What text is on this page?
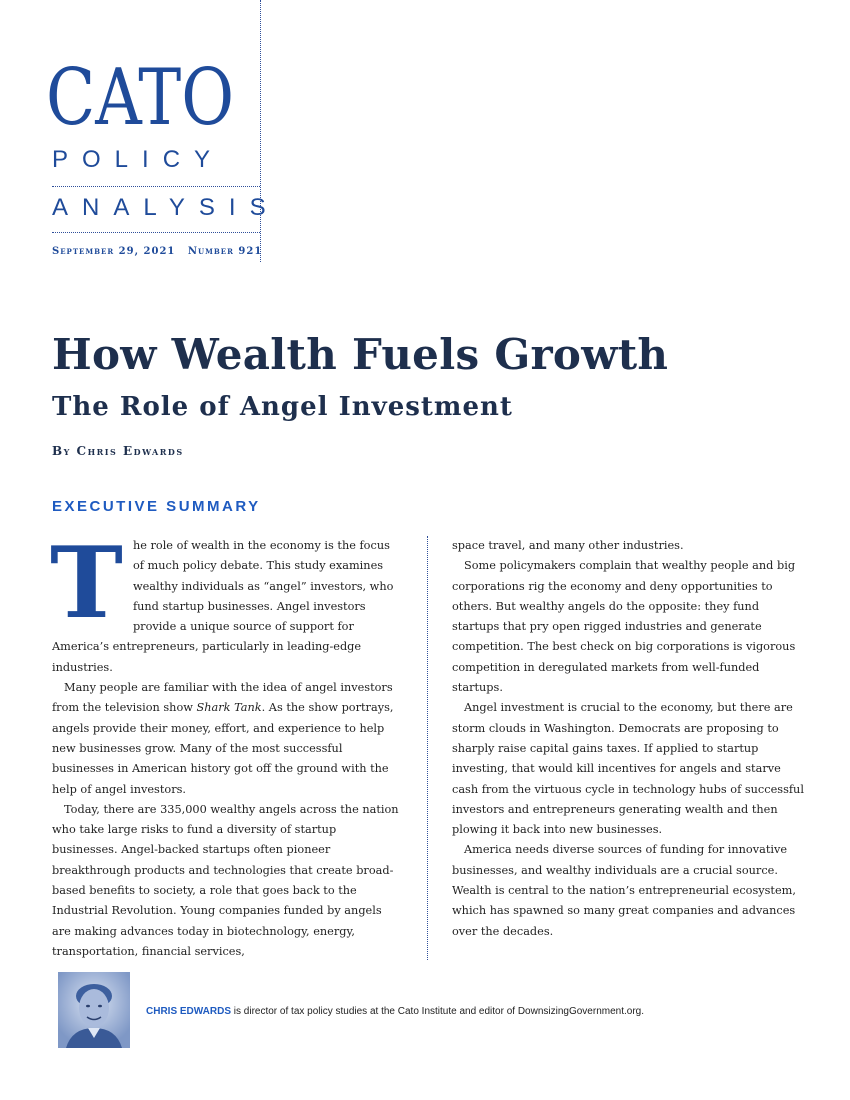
CATO
POLICY
ANALYSIS
September 29, 2021 Number 921
How Wealth Fuels Growth
The Role of Angel Investment
By Chris Edwards
EXECUTIVE SUMMARY

T he role of wealth in the economy is the focus of much policy debate. This study examines wealthy individuals as “angel” investors, who fund startup businesses. Angel investors provide a unique source of support for America’s entrepreneurs, particularly in leading-edge industries.

Many people are familiar with the idea of angel investors from the television show Shark Tank. As the show portrays, angels provide their money, effort, and experience to help new businesses grow. Many of the most successful businesses in American history got off the ground with the help of angel investors.

Today, there are 335,000 wealthy angels across the nation who take large risks to fund a diversity of startup businesses. Angel-backed startups often pioneer breakthrough products and technologies that create broad-based benefits to society, a role that goes back to the Industrial Revolution. Young companies funded by angels are making advances today in biotechnology, energy, transportation, financial services,

space travel, and many other industries.

Some policymakers complain that wealthy people and big corporations rig the economy and deny opportunities to others. But wealthy angels do the opposite: they fund startups that pry open rigged industries and generate competition. The best check on big corporations is vigorous competition in deregulated markets from well-funded startups.

Angel investment is crucial to the economy, but there are storm clouds in Washington. Democrats are proposing to sharply raise capital gains taxes. If applied to startup investing, that would kill incentives for angels and starve cash from the virtuous cycle in technology hubs of successful investors and entrepreneurs generating wealth and then plowing it back into new businesses.

America needs diverse sources of funding for innovative businesses, and wealthy individuals are a crucial source. Wealth is central to the nation’s entrepreneurial ecosystem, which has spawned so many great companies and advances over the decades.

CHRIS EDWARDS is director of tax policy studies at the Cato Institute and editor of DownsizingGovernment.org.
